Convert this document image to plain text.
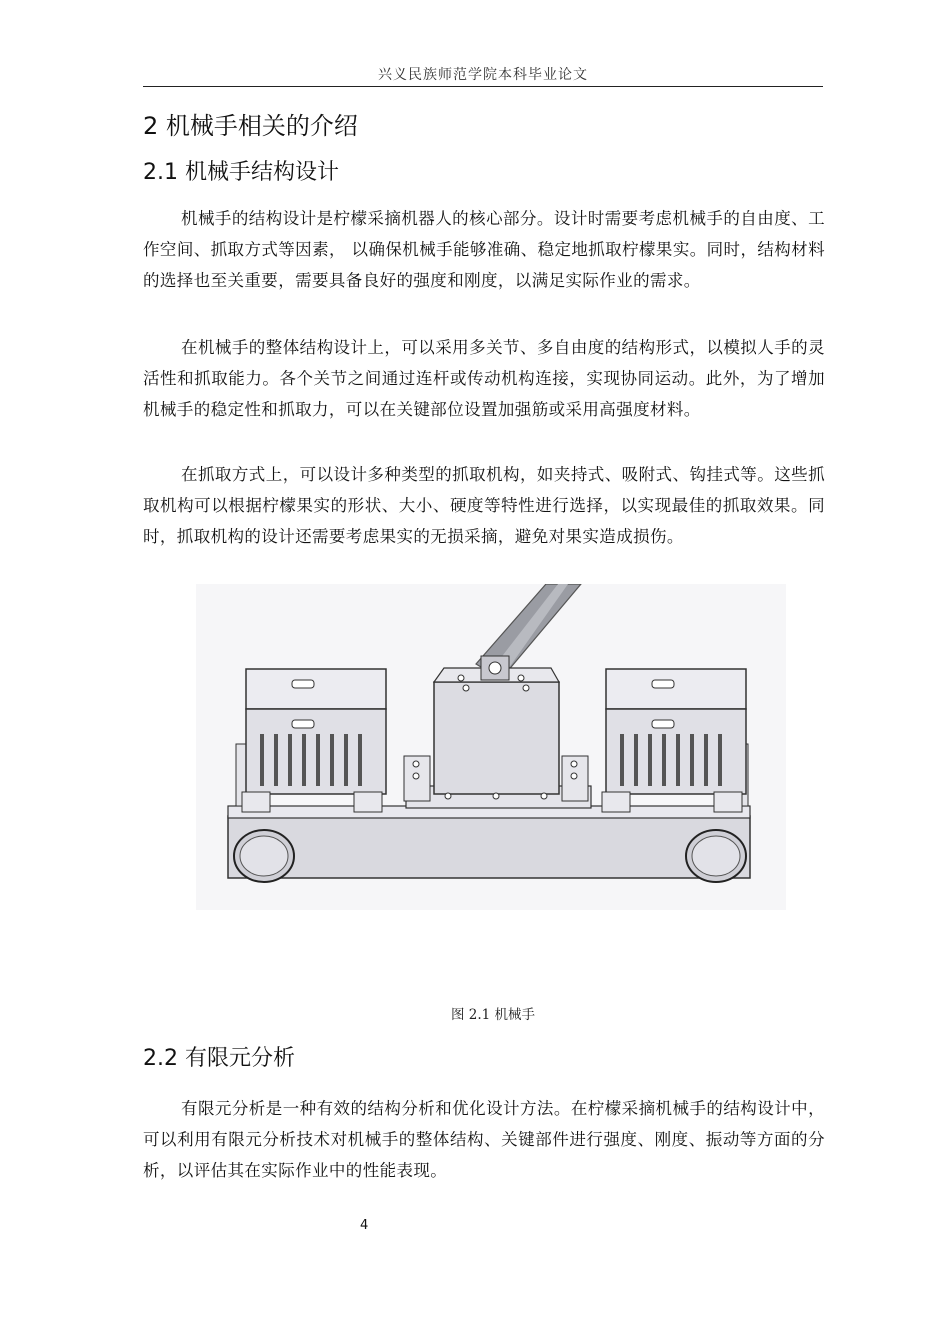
兴义民族师范学院本科毕业论文
2 机械手相关的介绍
2.1 机械手结构设计

机械手的结构设计是柠檬采摘机器人的核心部分。设计时需要考虑机械手的自由度、工作空间、抓取方式等因素， 以确保机械手能够准确、稳定地抓取柠檬果实。同时，结构材料的选择也至关重要，需要具备良好的强度和刚度，以满足实际作业的需求。

在机械手的整体结构设计上，可以采用多关节、多自由度的结构形式，以模拟人手的灵活性和抓取能力。各个关节之间通过连杆或传动机构连接，实现协同运动。此外，为了增加机械手的稳定性和抓取力，可以在关键部位设置加强筋或采用高强度材料。

在抓取方式上，可以设计多种类型的抓取机构，如夹持式、吸附式、钩挂式等。这些抓取机构可以根据柠檬果实的形状、大小、硬度等特性进行选择，以实现最佳的抓取效果。同时，抓取机构的设计还需要考虑果实的无损采摘，避免对果实造成损伤。

图 2.1 机械手
2.2 有限元分析

有限元分析是一种有效的结构分析和优化设计方法。在柠檬采摘机械手的结构设计中，可以利用有限元分析技术对机械手的整体结构、关键部件进行强度、刚度、振动等方面的分析，以评估其在实际作业中的性能表现。

4
